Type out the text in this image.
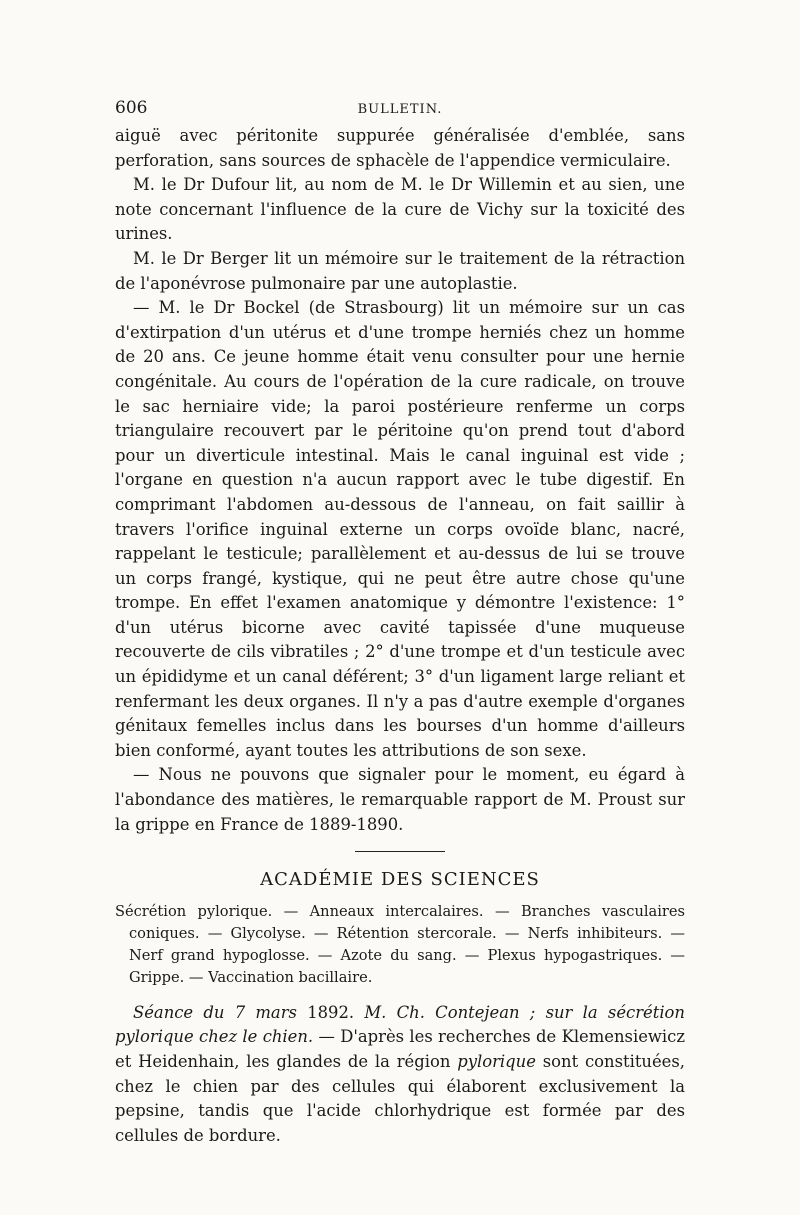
606	BULLETIN.

aiguë avec péritonite suppurée généralisée d'emblée, sans perforation, sans sources de sphacèle de l'appendice vermiculaire.

M. le Dr Dufour lit, au nom de M. le Dr Willemin et au sien, une note concernant l'influence de la cure de Vichy sur la toxicité des urines.

M. le Dr Berger lit un mémoire sur le traitement de la rétraction de l'aponévrose pulmonaire par une autoplastie.

— M. le Dr Bockel (de Strasbourg) lit un mémoire sur un cas d'extirpation d'un utérus et d'une trompe herniés chez un homme de 20 ans. Ce jeune homme était venu consulter pour une hernie congénitale. Au cours de l'opération de la cure radicale, on trouve le sac herniaire vide; la paroi postérieure renferme un corps triangulaire recouvert par le péritoine qu'on prend tout d'abord pour un diverticule intestinal. Mais le canal inguinal est vide ; l'organe en question n'a aucun rapport avec le tube digestif. En comprimant l'abdomen au-dessous de l'anneau, on fait saillir à travers l'orifice inguinal externe un corps ovoïde blanc, nacré, rappelant le testicule; parallèlement et au-dessus de lui se trouve un corps frangé, kystique, qui ne peut être autre chose qu'une trompe. En effet l'examen anatomique y démontre l'existence: 1° d'un utérus bicorne avec cavité tapissée d'une muqueuse recouverte de cils vibratiles ; 2° d'une trompe et d'un testicule avec un épididyme et un canal déférent; 3° d'un ligament large reliant et renfermant les deux organes. Il n'y a pas d'autre exemple d'organes génitaux femelles inclus dans les bourses d'un homme d'ailleurs bien conformé, ayant toutes les attributions de son sexe.

— Nous ne pouvons que signaler pour le moment, eu égard à l'abondance des matières, le remarquable rapport de M. Proust sur la grippe en France de 1889-1890.

ACADÉMIE DES SCIENCES
Sécrétion pylorique. — Anneaux intercalaires. — Branches vasculaires coniques. — Glycolyse. — Rétention stercorale. — Nerfs inhibiteurs. — Nerf grand hypoglosse. — Azote du sang. — Plexus hypogastriques. — Grippe. — Vaccination bacillaire.

Séance du 7 mars 1892. M. Ch. Contejean ; sur la sécrétion pylorique chez le chien. — D'après les recherches de Klemensiewicz et Heidenhain, les glandes de la région pylorique sont constituées, chez le chien par des cellules qui élaborent exclusivement la pepsine, tandis que l'acide chlorhydrique est formée par des cellules de bordure.
